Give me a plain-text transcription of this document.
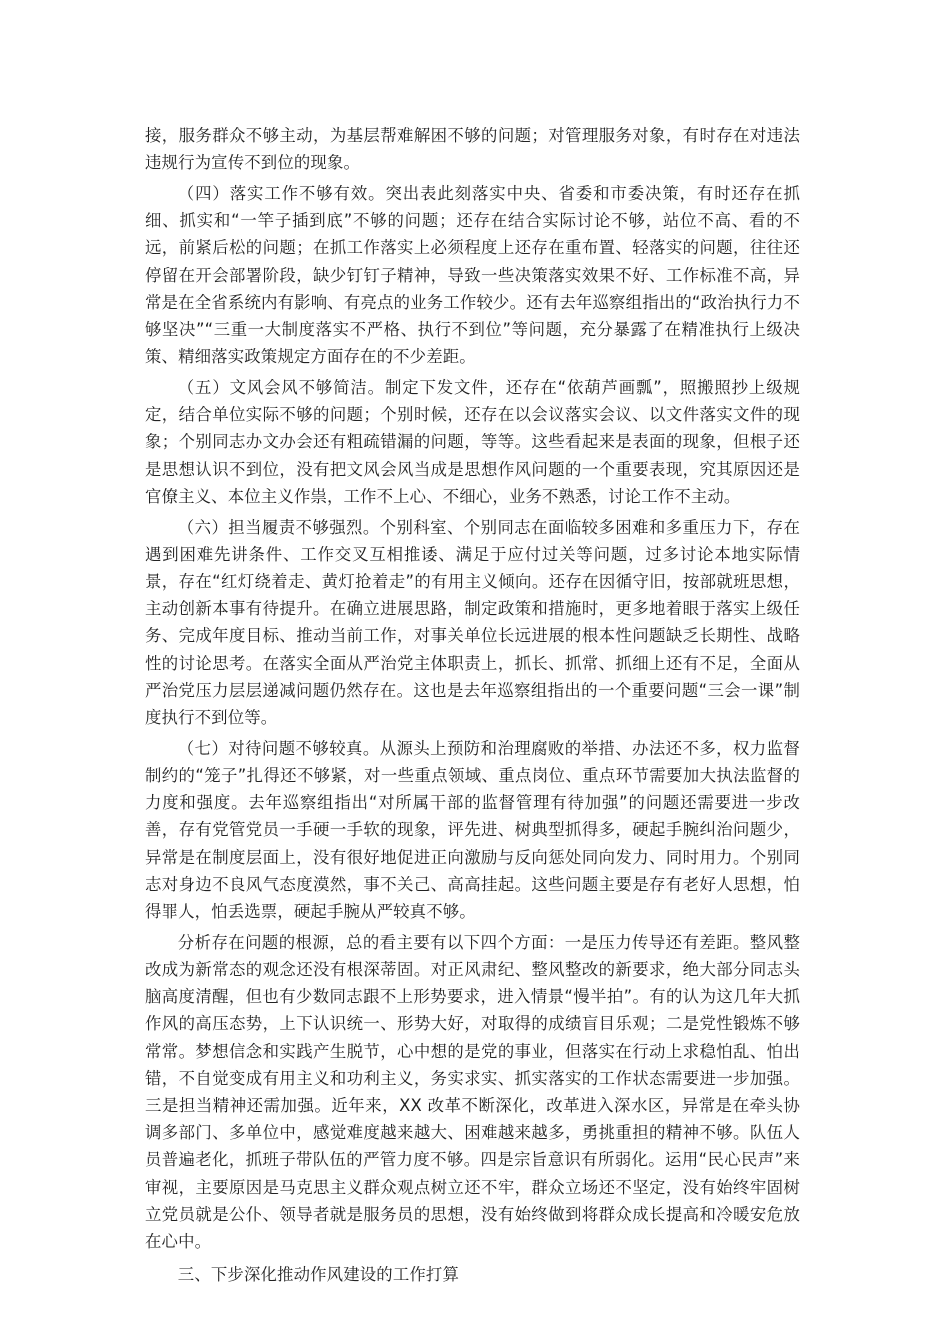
接，服务群众不够主动，为基层帮难解困不够的问题；对管理服务对象，有时存在对违法违规行为宣传不到位的现象。

（四）落实工作不够有效。突出表此刻落实中央、省委和市委决策，有时还存在抓细、抓实和“一竿子插到底”不够的问题；还存在结合实际讨论不够，站位不高、看的不远，前紧后松的问题；在抓工作落实上必须程度上还存在重布置、轻落实的问题，往往还停留在开会部署阶段，缺少钉钉子精神，导致一些决策落实效果不好、工作标准不高，异常是在全省系统内有影响、有亮点的业务工作较少。还有去年巡察组指出的“政治执行力不够坚决”“三重一大制度落实不严格、执行不到位”等问题，充分暴露了在精准执行上级决策、精细落实政策规定方面存在的不少差距。

（五）文风会风不够简洁。制定下发文件，还存在“依葫芦画瓢”，照搬照抄上级规定，结合单位实际不够的问题；个别时候，还存在以会议落实会议、以文件落实文件的现象；个别同志办文办会还有粗疏错漏的问题，等等。这些看起来是表面的现象，但根子还是思想认识不到位，没有把文风会风当成是思想作风问题的一个重要表现，究其原因还是官僚主义、本位主义作祟，工作不上心、不细心，业务不熟悉，讨论工作不主动。

（六）担当履责不够强烈。个别科室、个别同志在面临较多困难和多重压力下，存在遇到困难先讲条件、工作交叉互相推诿、满足于应付过关等问题，过多讨论本地实际情景，存在“红灯绕着走、黄灯抢着走”的有用主义倾向。还存在因循守旧，按部就班思想，主动创新本事有待提升。在确立进展思路，制定政策和措施时，更多地着眼于落实上级任务、完成年度目标、推动当前工作，对事关单位长远进展的根本性问题缺乏长期性、战略性的讨论思考。在落实全面从严治党主体职责上，抓长、抓常、抓细上还有不足，全面从严治党压力层层递减问题仍然存在。这也是去年巡察组指出的一个重要问题“三会一课”制度执行不到位等。

（七）对待问题不够较真。从源头上预防和治理腐败的举措、办法还不多，权力监督制约的“笼子”扎得还不够紧，对一些重点领域、重点岗位、重点环节需要加大执法监督的力度和强度。去年巡察组指出“对所属干部的监督管理有待加强”的问题还需要进一步改善，存有党管党员一手硬一手软的现象，评先进、树典型抓得多，硬起手腕纠治问题少，异常是在制度层面上，没有很好地促进正向激励与反向惩处同向发力、同时用力。个别同志对身边不良风气态度漠然，事不关己、高高挂起。这些问题主要是存有老好人思想，怕得罪人，怕丢选票，硬起手腕从严较真不够。

分析存在问题的根源，总的看主要有以下四个方面：一是压力传导还有差距。整风整改成为新常态的观念还没有根深蒂固。对正风肃纪、整风整改的新要求，绝大部分同志头脑高度清醒，但也有少数同志跟不上形势要求，进入情景“慢半拍”。有的认为这几年大抓作风的高压态势，上下认识统一、形势大好，对取得的成绩盲目乐观；二是党性锻炼不够常常。梦想信念和实践产生脱节，心中想的是党的事业，但落实在行动上求稳怕乱、怕出错，不自觉变成有用主义和功利主义，务实求实、抓实落实的工作状态需要进一步加强。三是担当精神还需加强。近年来，XX 改革不断深化，改革进入深水区，异常是在牵头协调多部门、多单位中，感觉难度越来越大、困难越来越多，勇挑重担的精神不够。队伍人员普遍老化，抓班子带队伍的严管力度不够。四是宗旨意识有所弱化。运用“民心民声”来审视，主要原因是马克思主义群众观点树立还不牢，群众立场还不坚定，没有始终牢固树立党员就是公仆、领导者就是服务员的思想，没有始终做到将群众成长提高和冷暖安危放在心中。

三、下步深化推动作风建设的工作打算
